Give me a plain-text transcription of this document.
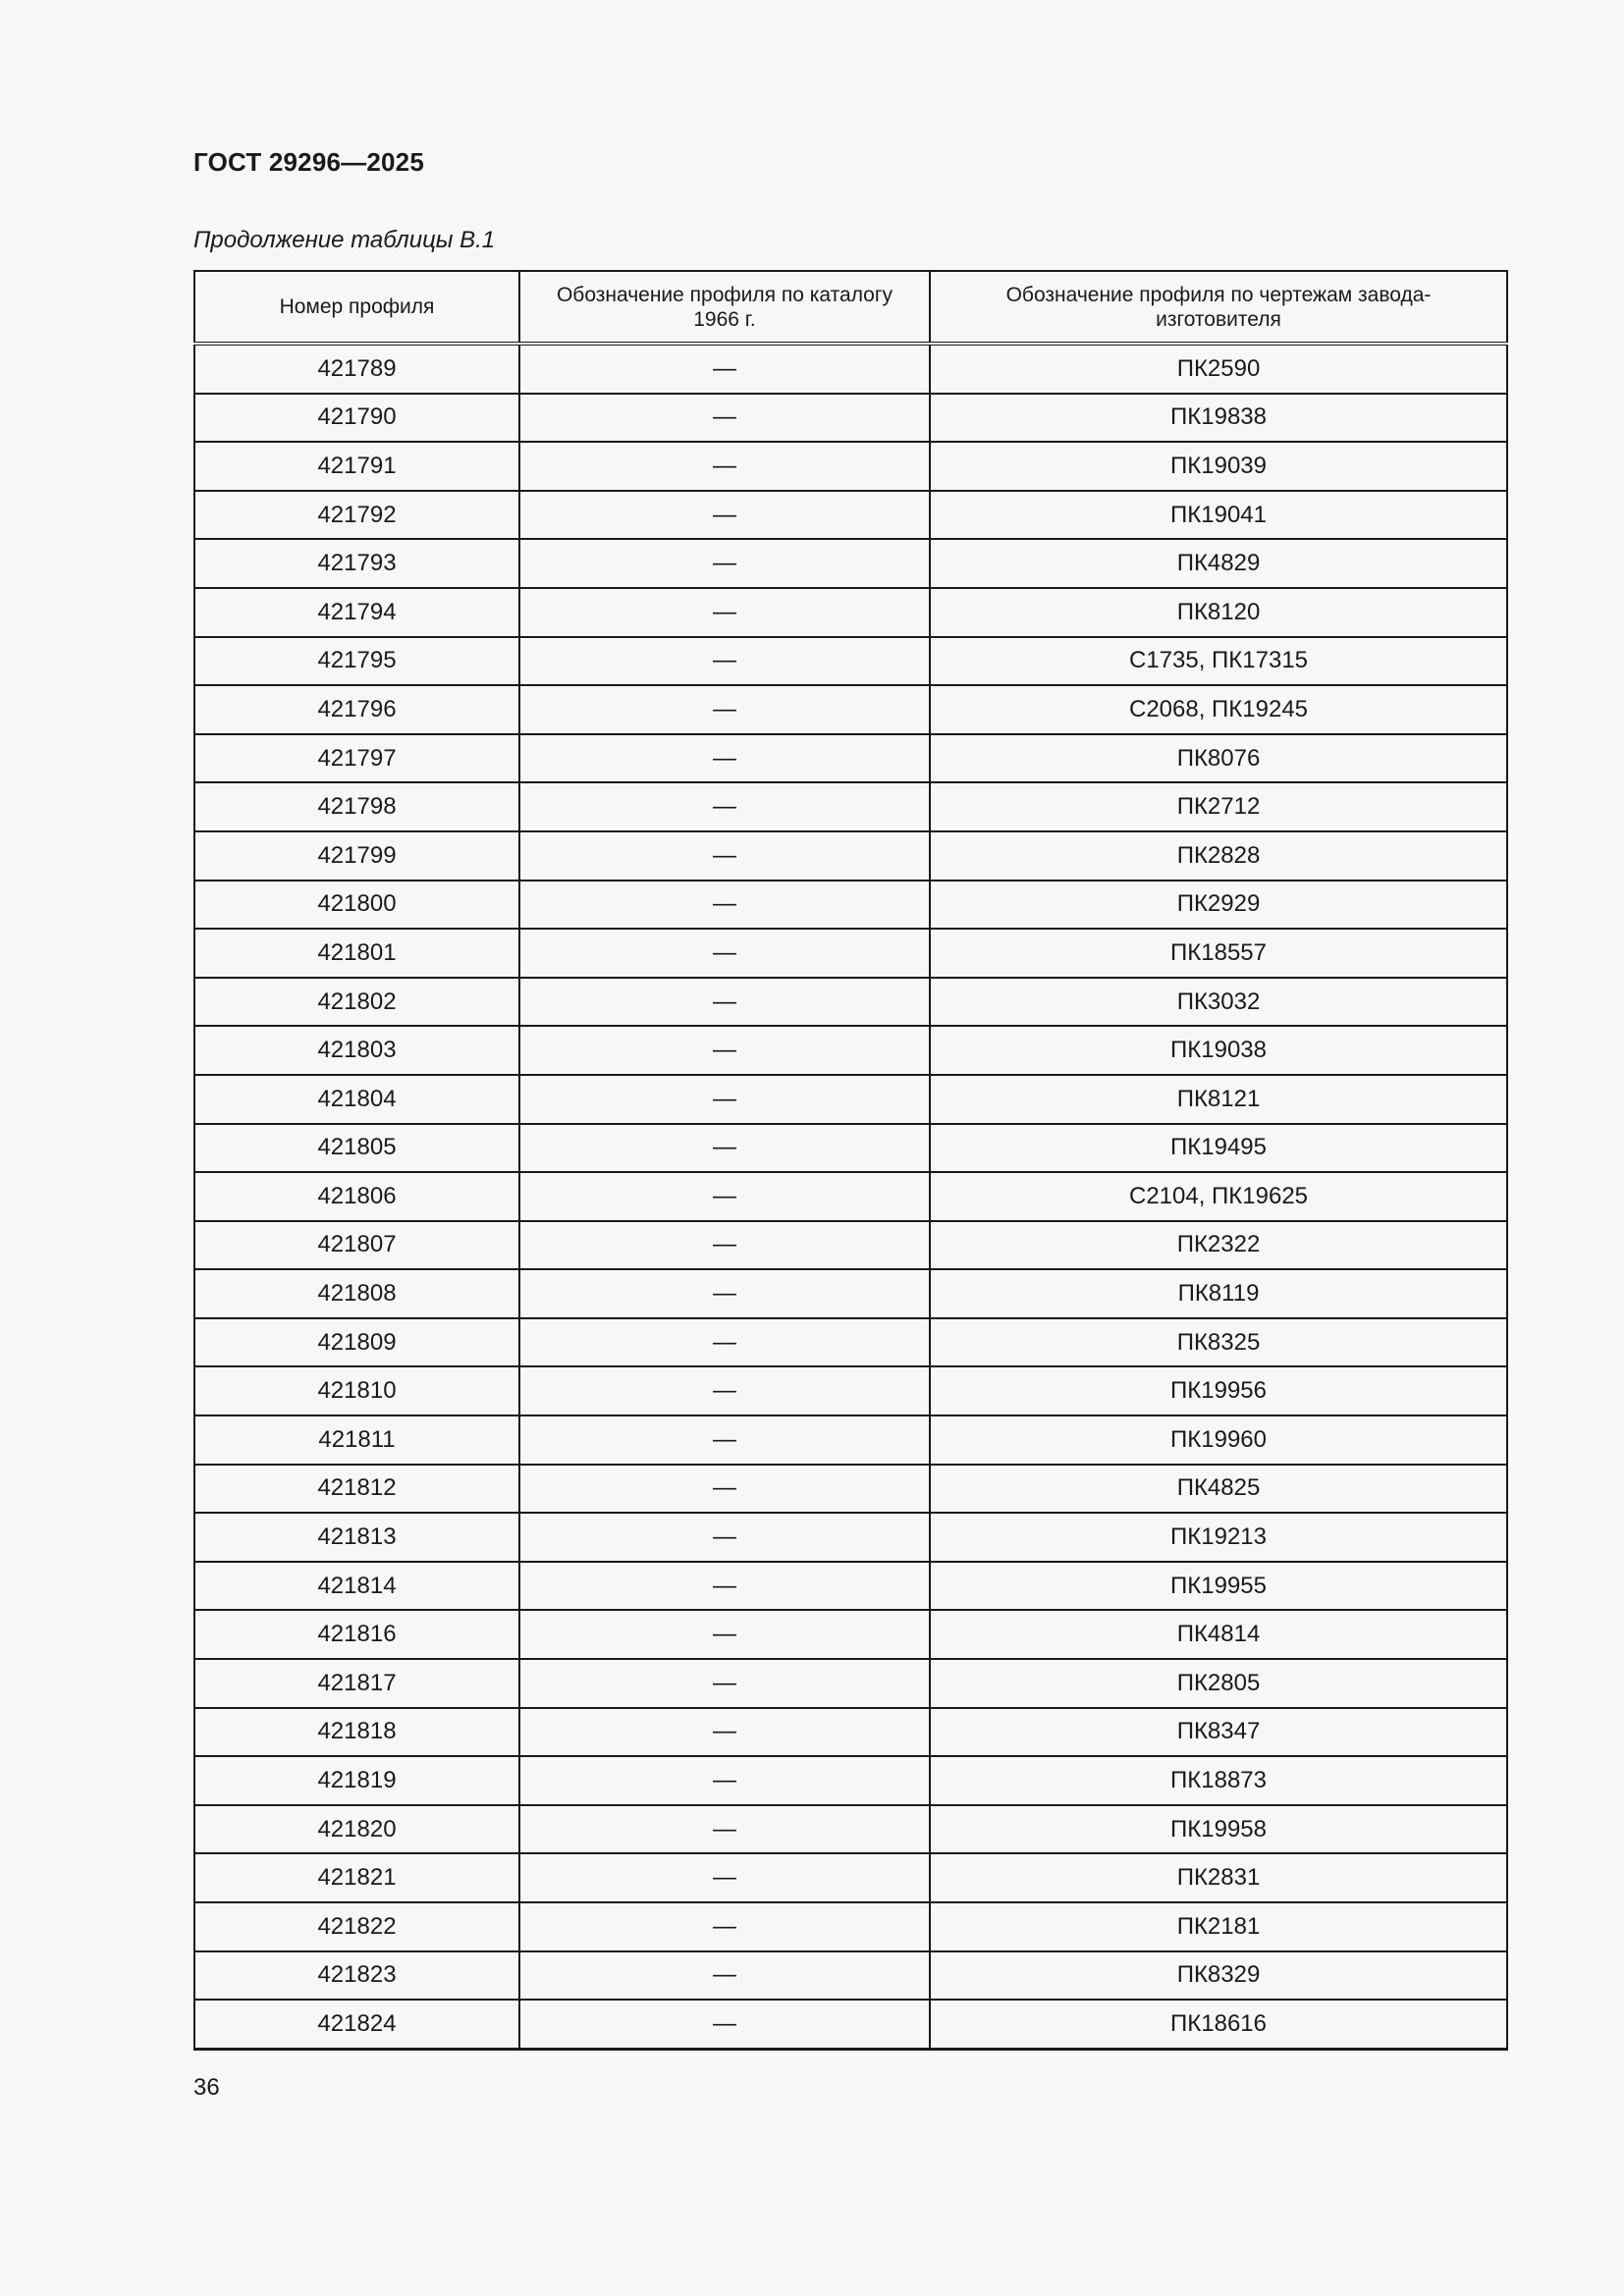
ГОСТ 29296—2025

Продолжение таблицы В.1

Номер профиля	Обозначение профиля по каталогу 1966 г.	Обозначение профиля по чертежам завода-изготовителя
421789	—	ПК2590
421790	—	ПК19838
421791	—	ПК19039
421792	—	ПК19041
421793	—	ПК4829
421794	—	ПК8120
421795	—	С1735, ПК17315
421796	—	С2068, ПК19245
421797	—	ПК8076
421798	—	ПК2712
421799	—	ПК2828
421800	—	ПК2929
421801	—	ПК18557
421802	—	ПК3032
421803	—	ПК19038
421804	—	ПК8121
421805	—	ПК19495
421806	—	С2104, ПК19625
421807	—	ПК2322
421808	—	ПК8119
421809	—	ПК8325
421810	—	ПК19956
421811	—	ПК19960
421812	—	ПК4825
421813	—	ПК19213
421814	—	ПК19955
421816	—	ПК4814
421817	—	ПК2805
421818	—	ПК8347
421819	—	ПК18873
421820	—	ПК19958
421821	—	ПК2831
421822	—	ПК2181
421823	—	ПК8329
421824	—	ПК18616

36
